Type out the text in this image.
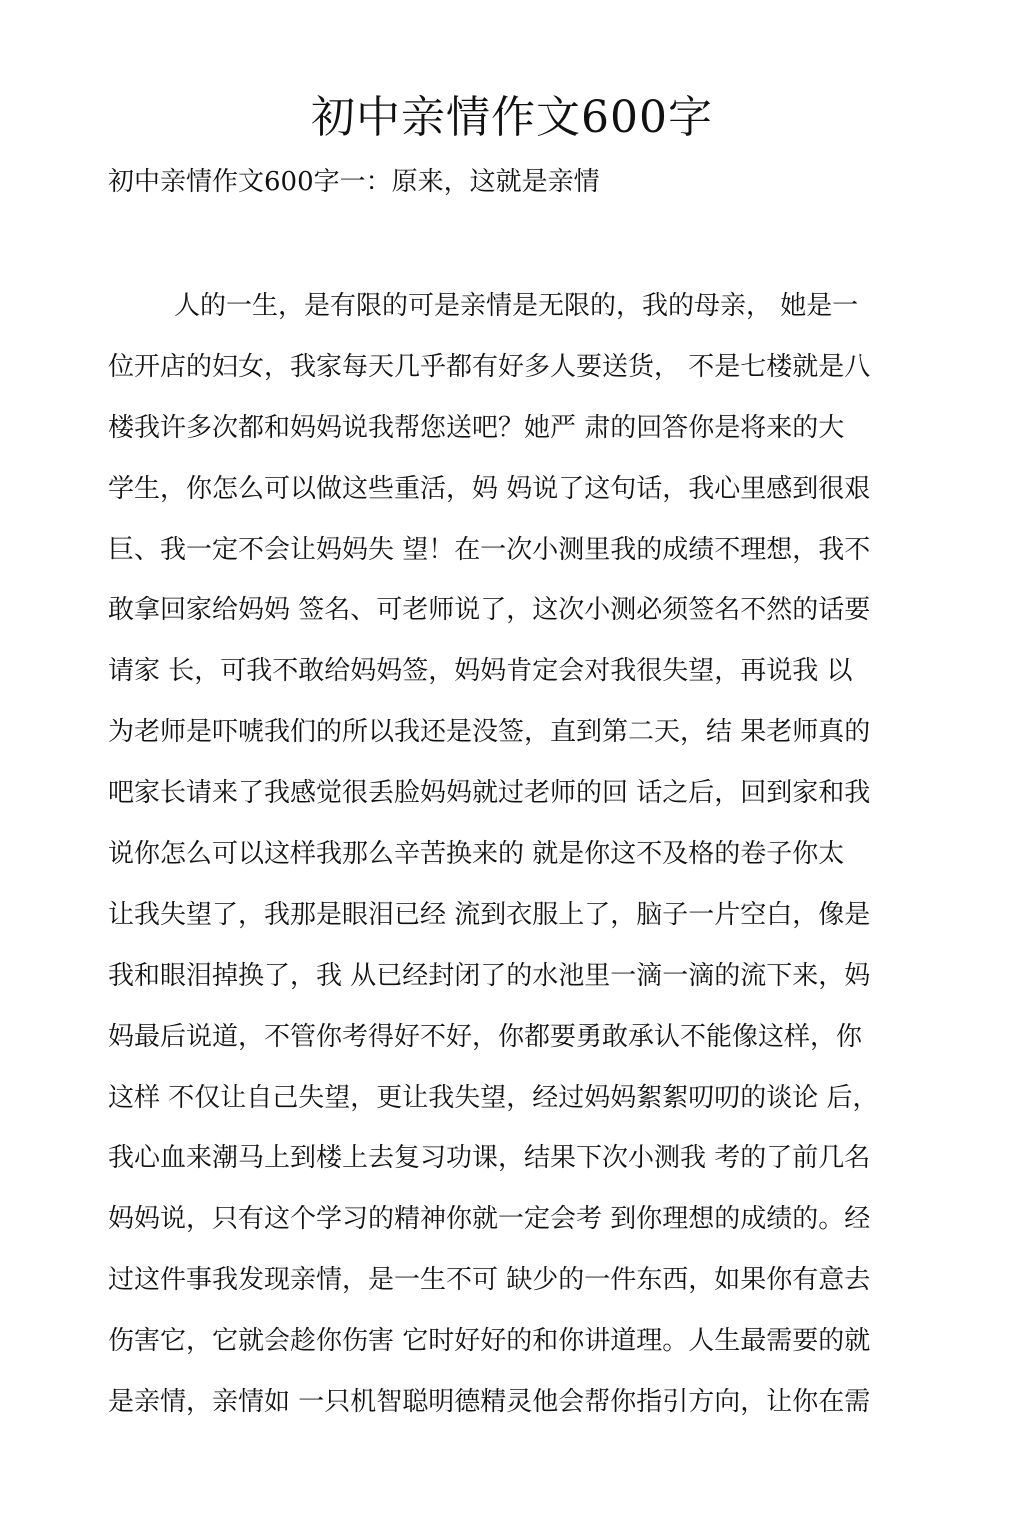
初中亲情作文600字

初中亲情作文600字一：原来，这就是亲情

人的一生，是有限的可是亲情是无限的，我的母亲， 她是一
位开店的妇女，我家每天几乎都有好多人要送货， 不是七楼就是八
楼我许多次都和妈妈说我帮您送吧？她严 肃的回答你是将来的大
学生，你怎么可以做这些重活，妈 妈说了这句话，我心里感到很艰
巨、我一定不会让妈妈失 望！在一次小测里我的成绩不理想，我不
敢拿回家给妈妈 签名、可老师说了，这次小测必须签名不然的话要
请家 长，可我不敢给妈妈签，妈妈肯定会对我很失望，再说我 以
为老师是吓唬我们的所以我还是没签，直到第二天，结 果老师真的
吧家长请来了我感觉很丢脸妈妈就过老师的回 话之后，回到家和我
说你怎么可以这样我那么辛苦换来的 就是你这不及格的卷子你太
让我失望了，我那是眼泪已经 流到衣服上了，脑子一片空白，像是
我和眼泪掉换了，我 从已经封闭了的水池里一滴一滴的流下来，妈
妈最后说道，不管你考得好不好，你都要勇敢承认不能像这样，你
这样 不仅让自己失望，更让我失望，经过妈妈絮絮叨叨的谈论 后，
我心血来潮马上到楼上去复习功课，结果下次小测我 考的了前几名
妈妈说，只有这个学习的精神你就一定会考 到你理想的成绩的。经
过这件事我发现亲情，是一生不可 缺少的一件东西，如果你有意去
伤害它，它就会趁你伤害 它时好好的和你讲道理。人生最需要的就
是亲情，亲情如 一只机智聪明德精灵他会帮你指引方向，让你在需
